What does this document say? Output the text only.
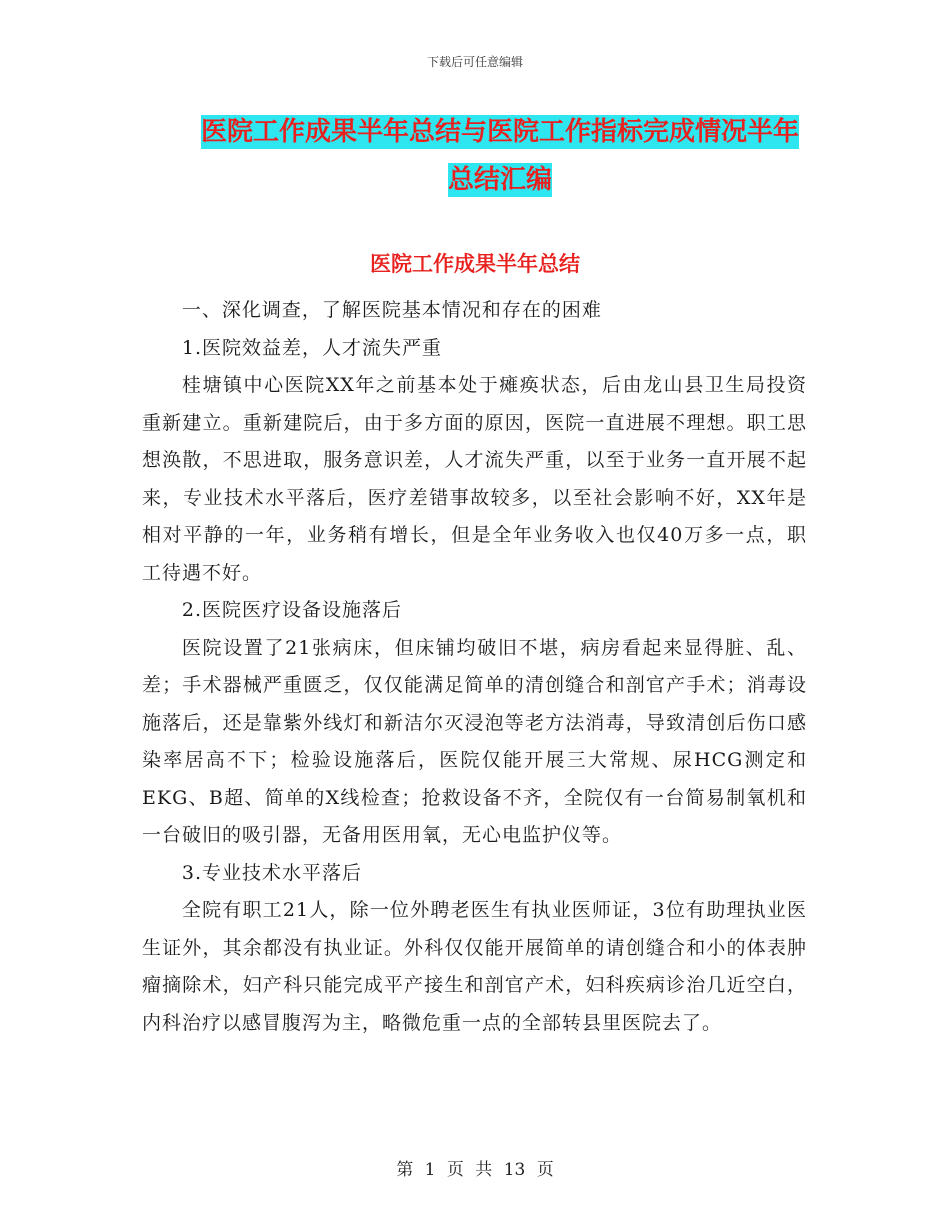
下载后可任意编辑
医院工作成果半年总结与医院工作指标完成情况半年
总结汇编
医院工作成果半年总结

一、深化调查，了解医院基本情况和存在的困难

1.医院效益差，人才流失严重

桂塘镇中心医院XX年之前基本处于瘫痪状态，后由龙山县卫生局投资重新建立。重新建院后，由于多方面的原因，医院一直进展不理想。职工思想涣散，不思进取，服务意识差，人才流失严重，以至于业务一直开展不起来，专业技术水平落后，医疗差错事故较多，以至社会影响不好，XX年是相对平静的一年，业务稍有增长，但是全年业务收入也仅40万多一点，职工待遇不好。

2.医院医疗设备设施落后

医院设置了21张病床，但床铺均破旧不堪，病房看起来显得脏、乱、差；手术器械严重匮乏，仅仅能满足简单的清创缝合和剖官产手术；消毒设施落后，还是靠紫外线灯和新洁尔灭浸泡等老方法消毒，导致清创后伤口感染率居高不下；检验设施落后，医院仅能开展三大常规、尿HCG测定和EKG、B超、简单的X线检查；抢救设备不齐，全院仅有一台简易制氧机和一台破旧的吸引器，无备用医用氧，无心电监护仪等。

3.专业技术水平落后

全院有职工21人，除一位外聘老医生有执业医师证，3位有助理执业医生证外，其余都没有执业证。外科仅仅能开展简单的请创缝合和小的体表肿瘤摘除术，妇产科只能完成平产接生和剖官产术，妇科疾病诊治几近空白，内科治疗以感冒腹泻为主，略微危重一点的全部转县里医院去了。

第 1 页 共 13 页
